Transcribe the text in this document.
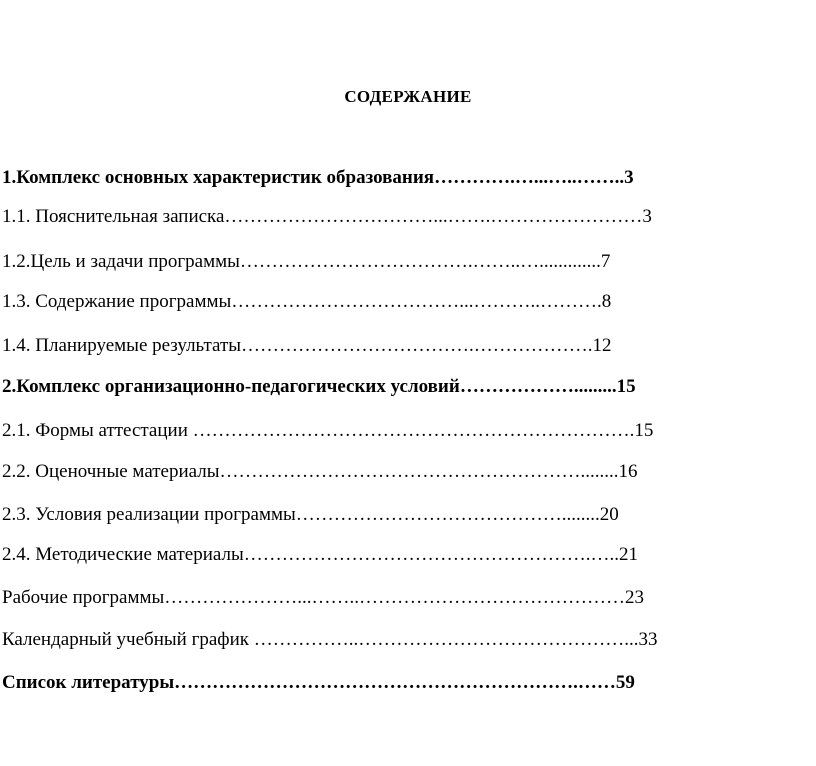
СОДЕРЖАНИЕ
1.Комплекс основных характеристик образования………….…...…..……..3
1.1. Пояснительная записка……………………………...…….……………………3
1.2.Цель и задачи программы……………………………….……..….............7
1.3. Содержание программы………………………………...………..……….8
1.4. Планируемые результаты……………………………….……………….12
2.Комплекс организационно-педагогических условий……………….........15
2.1. Формы аттестации …………………………………………………………….15
2.2. Оценочные материалы…………………………………………………........16
2.3. Условия реализации программы……………………………………........20
2.4. Методические материалы……………………………………………….…..21
Рабочие программы…………………...……..……………………………………23
Календарный учебный график ……………..……………………………………...33
Список литературы……………………………………………………….……59
